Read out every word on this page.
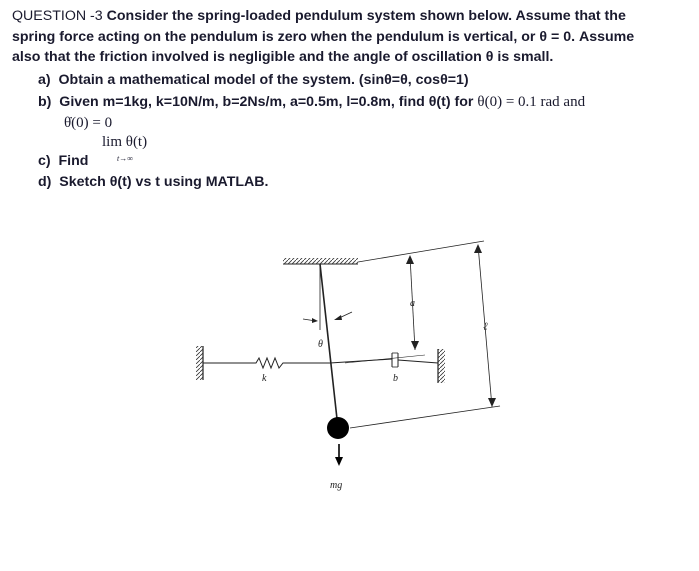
QUESTION -3 Consider the spring-loaded pendulum system shown below. Assume that the
spring force acting on the pendulum is zero when the pendulum is vertical, or θ = 0. Assume
also that the friction involved is negligible and the angle of oscillation θ is small.
a) Obtain a mathematical model of the system. (sinθ=θ, cosθ=1)
b) Given m=1kg, k=10N/m, b=2Ns/m, a=0.5m, l=0.8m, find θ(t) for θ(0) = 0.1 rad and
θ̇(0) = 0
lim θ(t)
t→∞
c) Find
d) Sketch θ(t) vs t using MATLAB.
a
ℓ
θ
k	b
mg
